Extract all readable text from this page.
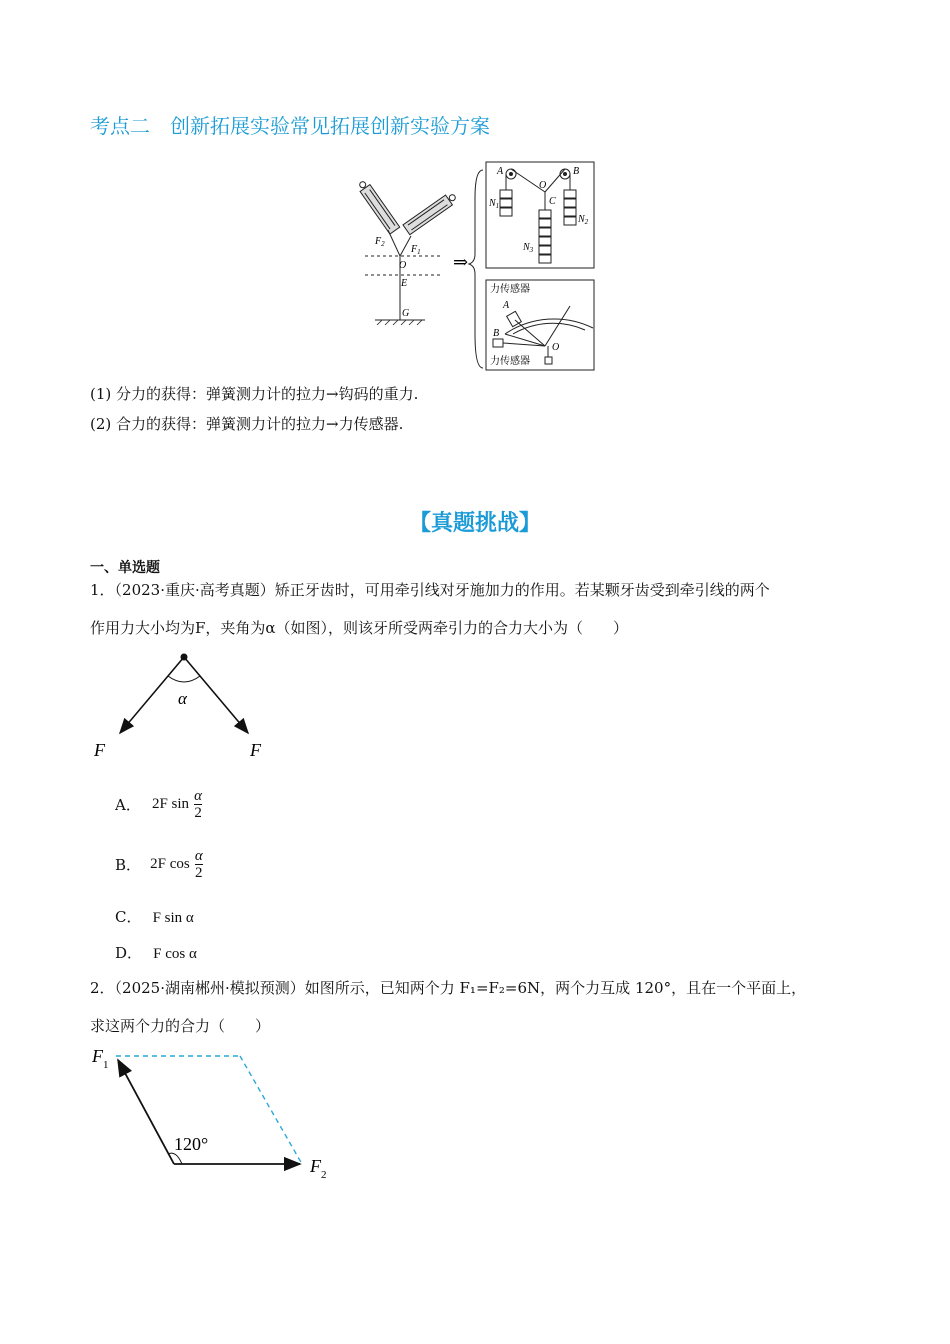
考点二　创新拓展实验常见拓展创新实验方案
$F_2$	$F_1$
O
E
G
⇒
A	B
O
C
$N_1$
$N_2$
$N_3$
力传感器
A
B
O
力传感器
(1) 分力的获得：弹簧测力计的拉力→钩码的重力.
(2) 合力的获得：弹簧测力计的拉力→力传感器.
【真题挑战】
一、单选题
1．（2023·重庆·高考真题）矫正牙齿时，可用牵引线对牙施加力的作用。若某颗牙齿受到牵引线的两个
作用力大小均为F，夹角为α（如图），则该牙所受两牵引力的合力大小为（　　）
α
F	F
A． 2F $\sin \frac{\alpha}{2}$
B． 2F $\cos \frac{\alpha}{2}$
C． F sin α
D． F cos α
2．（2025·湖南郴州·模拟预测）如图所示，已知两个力 F₁=F₂=6N，两个力互成 120°，且在一个平面上，
求这两个力的合力（　　）
120°
$F_1$
$F_2$
